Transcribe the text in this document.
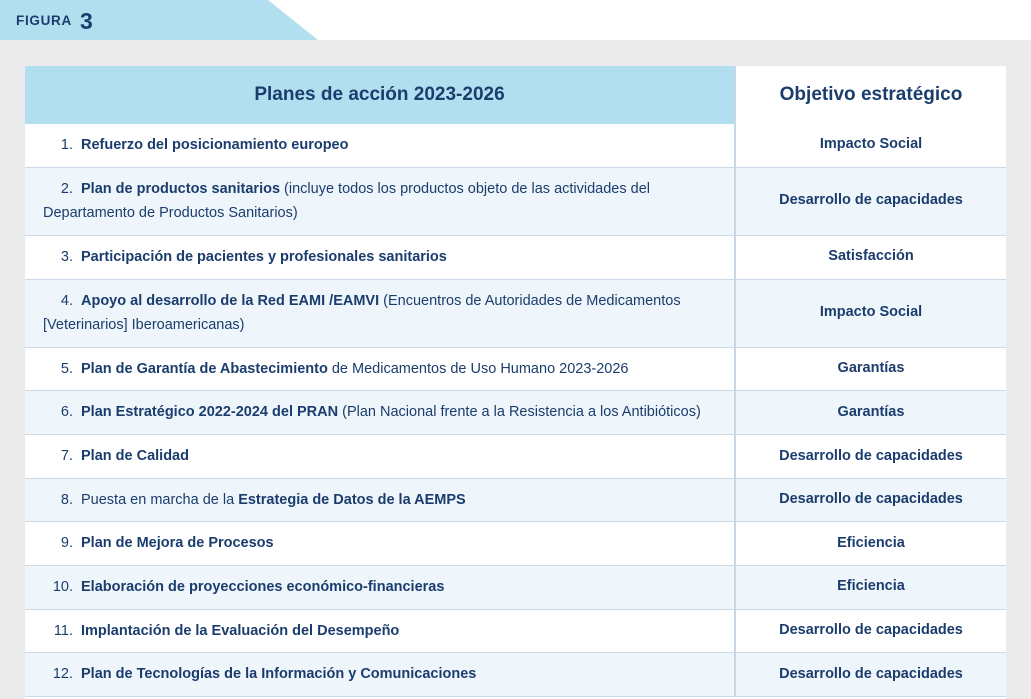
FIGURA 3
Planes de acción 2023-2026	Objetivo estratégico
1. Refuerzo del posicionamiento europeo	Impacto Social
2. Plan de productos sanitarios (incluye todos los productos objeto de las actividades del Departamento de Productos Sanitarios)	Desarrollo de capacidades
3. Participación de pacientes y profesionales sanitarios	Satisfacción
4. Apoyo al desarrollo de la Red EAMI /EAMVI (Encuentros de Autoridades de Medicamentos [Veterinarios] Iberoamericanas)	Impacto Social
5. Plan de Garantía de Abastecimiento de Medicamentos de Uso Humano 2023-2026	Garantías
6. Plan Estratégico 2022-2024 del PRAN (Plan Nacional frente a la Resistencia a los Antibióticos)	Garantías
7. Plan de Calidad	Desarrollo de capacidades
8. Puesta en marcha de la Estrategia de Datos de la AEMPS	Desarrollo de capacidades
9. Plan de Mejora de Procesos	Eficiencia
10. Elaboración de proyecciones económico-financieras	Eficiencia
11. Implantación de la Evaluación del Desempeño	Desarrollo de capacidades
12. Plan de Tecnologías de la Información y Comunicaciones	Desarrollo de capacidades
